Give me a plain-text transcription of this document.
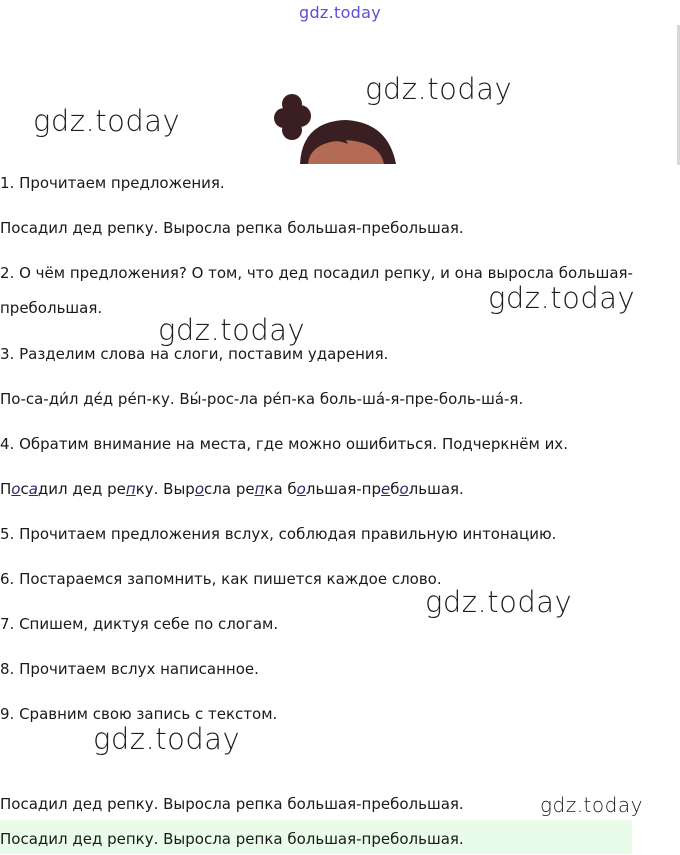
gdz.today
gdz.today
gdz.today
gdz.today
gdz.today
gdz.today
gdz.today
gdz.today
1. Прочитаем предложения.
Посадил дед репку. Выросла репка большая-пребольшая.
2. О чём предложения? О том, что дед посадил репку, и она выросла большая-
пребольшая.
3. Разделим слова на слоги, поставим ударения.
По-са-ди́л де́д ре́п-ку. Вы́-рос-ла ре́п-ка боль-ша́-я-пре-боль-ша́-я.
4. Обратим внимание на места, где можно ошибиться. Подчеркнём их.
Посадил дед репку. Выросла репка большая-пребольшая.
5. Прочитаем предложения вслух, соблюдая правильную интонацию.
6. Постараемся запомнить, как пишется каждое слово.
7. Спишем, диктуя себе по слогам.
8. Прочитаем вслух написанное.
9. Сравним свою запись с текстом.
Посадил дед репку. Выросла репка большая-пребольшая.
Посадил дед репку. Выросла репка большая-пребольшая.
